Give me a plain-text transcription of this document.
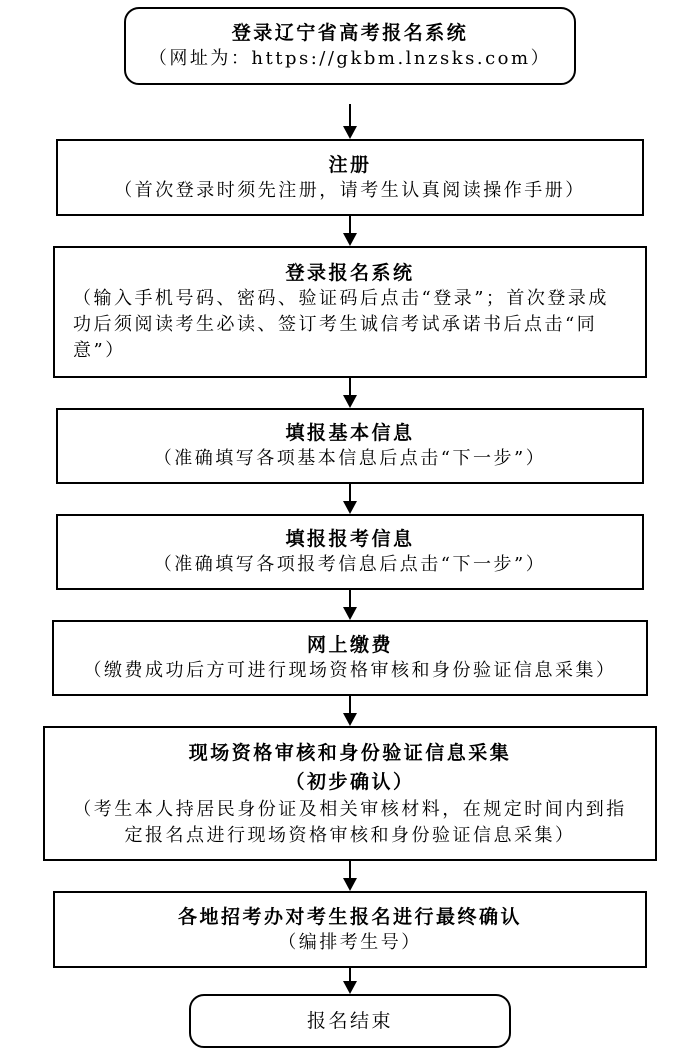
登录辽宁省高考报名系统
（网址为：https://gkbm.lnzsks.com）
注册
（首次登录时须先注册，请考生认真阅读操作手册）
登录报名系统
（输入手机号码、密码、验证码后点击“登录”；首次登录成功后须阅读考生必读、签订考生诚信考试承诺书后点击“同意”）
填报基本信息
（准确填写各项基本信息后点击“下一步”）
填报报考信息
（准确填写各项报考信息后点击“下一步”）
网上缴费
（缴费成功后方可进行现场资格审核和身份验证信息采集）
现场资格审核和身份验证信息采集
（初步确认）
（考生本人持居民身份证及相关审核材料，在规定时间内到指定报名点进行现场资格审核和身份验证信息采集）
各地招考办对考生报名进行最终确认
（编排考生号）
报名结束
